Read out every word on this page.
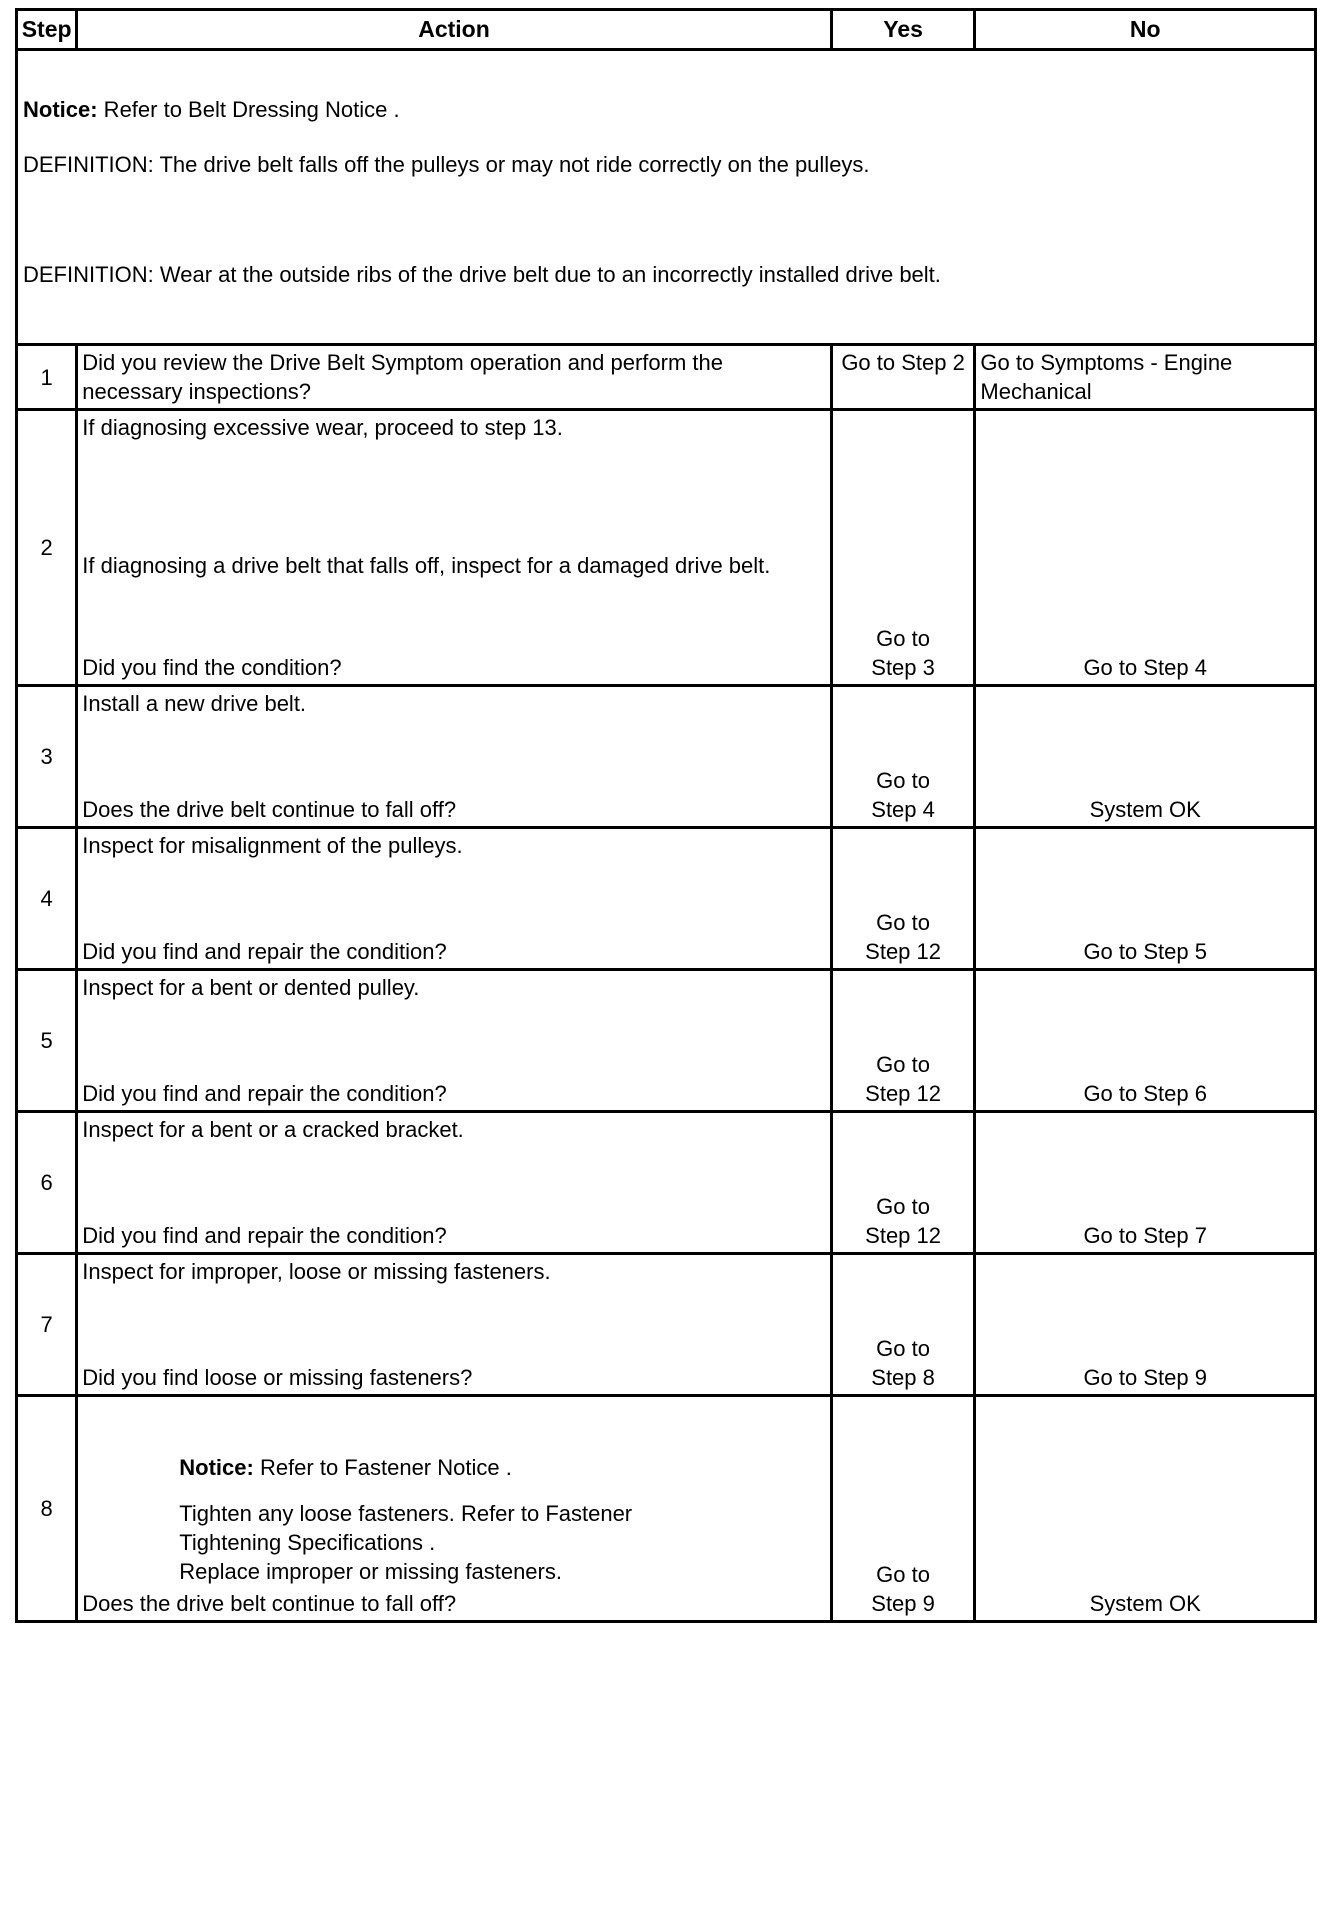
Step	Action	Yes	No

Notice: Refer to Belt Dressing Notice .
DEFINITION: The drive belt falls off the pulleys or may not ride correctly on the pulleys.
DEFINITION: Wear at the outside ribs of the drive belt due to an incorrectly installed drive belt.			

1	Did you review the Drive Belt Symptom operation and perform the necessary inspections?	Go to Step 2	Go to Symptoms - Engine Mechanical

2	If diagnosing excessive wear, proceed to step 13.
If diagnosing a drive belt that falls off, inspect for a damaged drive belt.
Did you find the condition?	Go to Step 3	Go to Step 4

3	Install a new drive belt.
Does the drive belt continue to fall off?	Go to Step 4	System OK

4	Inspect for misalignment of the pulleys.
Did you find and repair the condition?	Go to Step 12	Go to Step 5

5	Inspect for a bent or dented pulley.
Did you find and repair the condition?	Go to Step 12	Go to Step 6

6	Inspect for a bent or a cracked bracket.
Did you find and repair the condition?	Go to Step 12	Go to Step 7

7	Inspect for improper, loose or missing fasteners.
Did you find loose or missing fasteners?	Go to Step 8	Go to Step 9

8	Notice: Refer to Fastener Notice .
Tighten any loose fasteners. Refer to Fastener
Tightening Specifications .
Replace improper or missing fasteners.
Does the drive belt continue to fall off?	Go to Step 9	System OK
